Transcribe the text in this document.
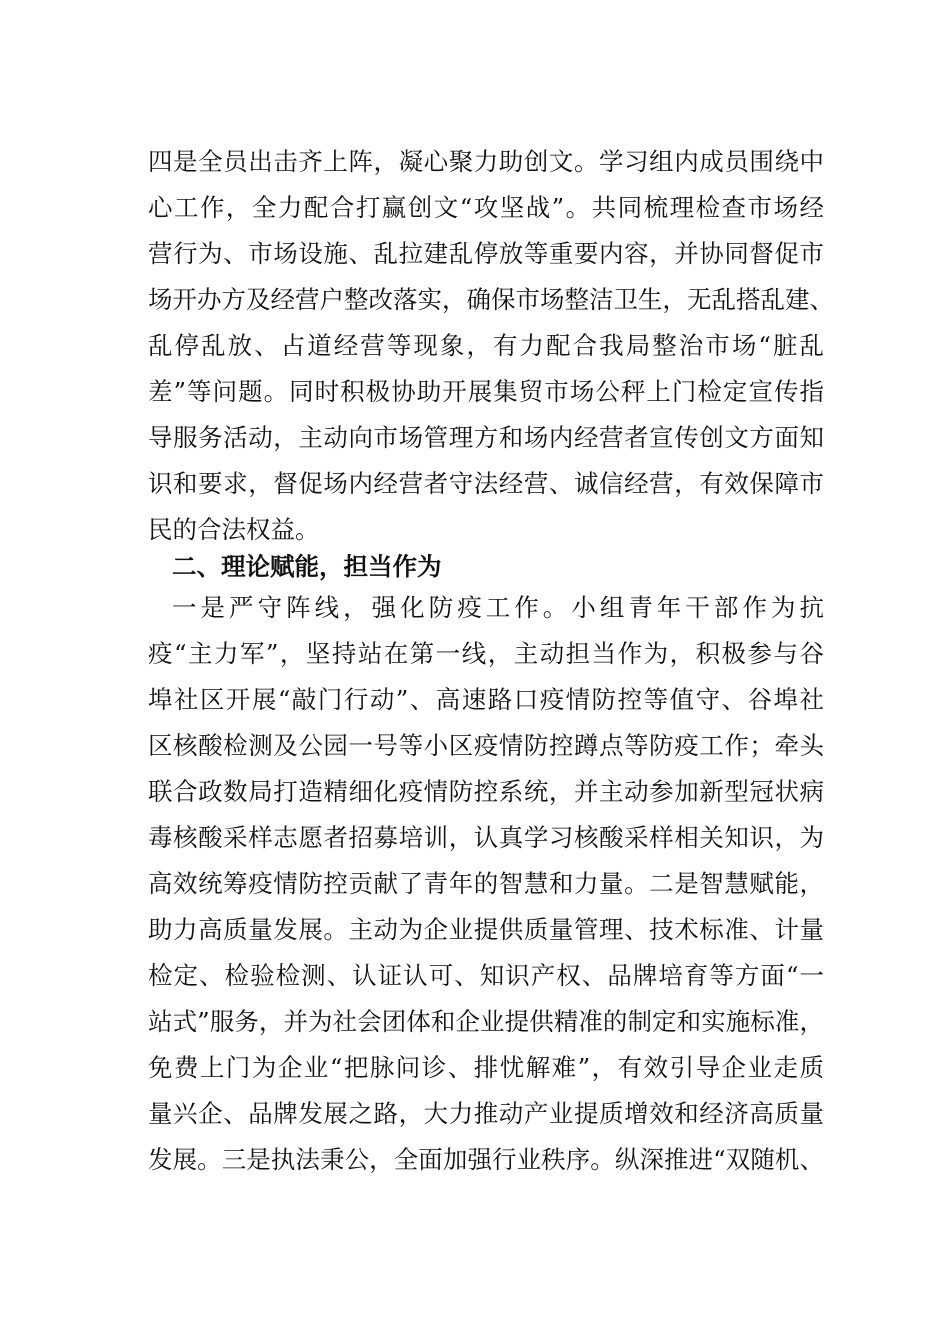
四是全员出击齐上阵，凝心聚力助创文。学习组内成员围绕中
心工作，全力配合打赢创文“攻坚战”。共同梳理检查市场经
营行为、市场设施、乱拉建乱停放等重要内容，并协同督促市
场开办方及经营户整改落实，确保市场整洁卫生，无乱搭乱建、
乱停乱放、占道经营等现象，有力配合我局整治市场“脏乱
差”等问题。同时积极协助开展集贸市场公秤上门检定宣传指
导服务活动，主动向市场管理方和场内经营者宣传创文方面知
识和要求，督促场内经营者守法经营、诚信经营，有效保障市
民的合法权益。
二、理论赋能，担当作为
一是严守阵线，强化防疫工作。小组青年干部作为抗
疫“主力军”，坚持站在第一线，主动担当作为，积极参与谷
埠社区开展“敲门行动”、高速路口疫情防控等值守、谷埠社
区核酸检测及公园一号等小区疫情防控蹲点等防疫工作；牵头
联合政数局打造精细化疫情防控系统，并主动参加新型冠状病
毒核酸采样志愿者招募培训，认真学习核酸采样相关知识，为
高效统筹疫情防控贡献了青年的智慧和力量。二是智慧赋能，
助力高质量发展。主动为企业提供质量管理、技术标准、计量
检定、检验检测、认证认可、知识产权、品牌培育等方面“一
站式”服务，并为社会团体和企业提供精准的制定和实施标准，
免费上门为企业“把脉问诊、排忧解难”，有效引导企业走质
量兴企、品牌发展之路，大力推动产业提质增效和经济高质量
发展。三是执法秉公，全面加强行业秩序。纵深推进“双随机、
